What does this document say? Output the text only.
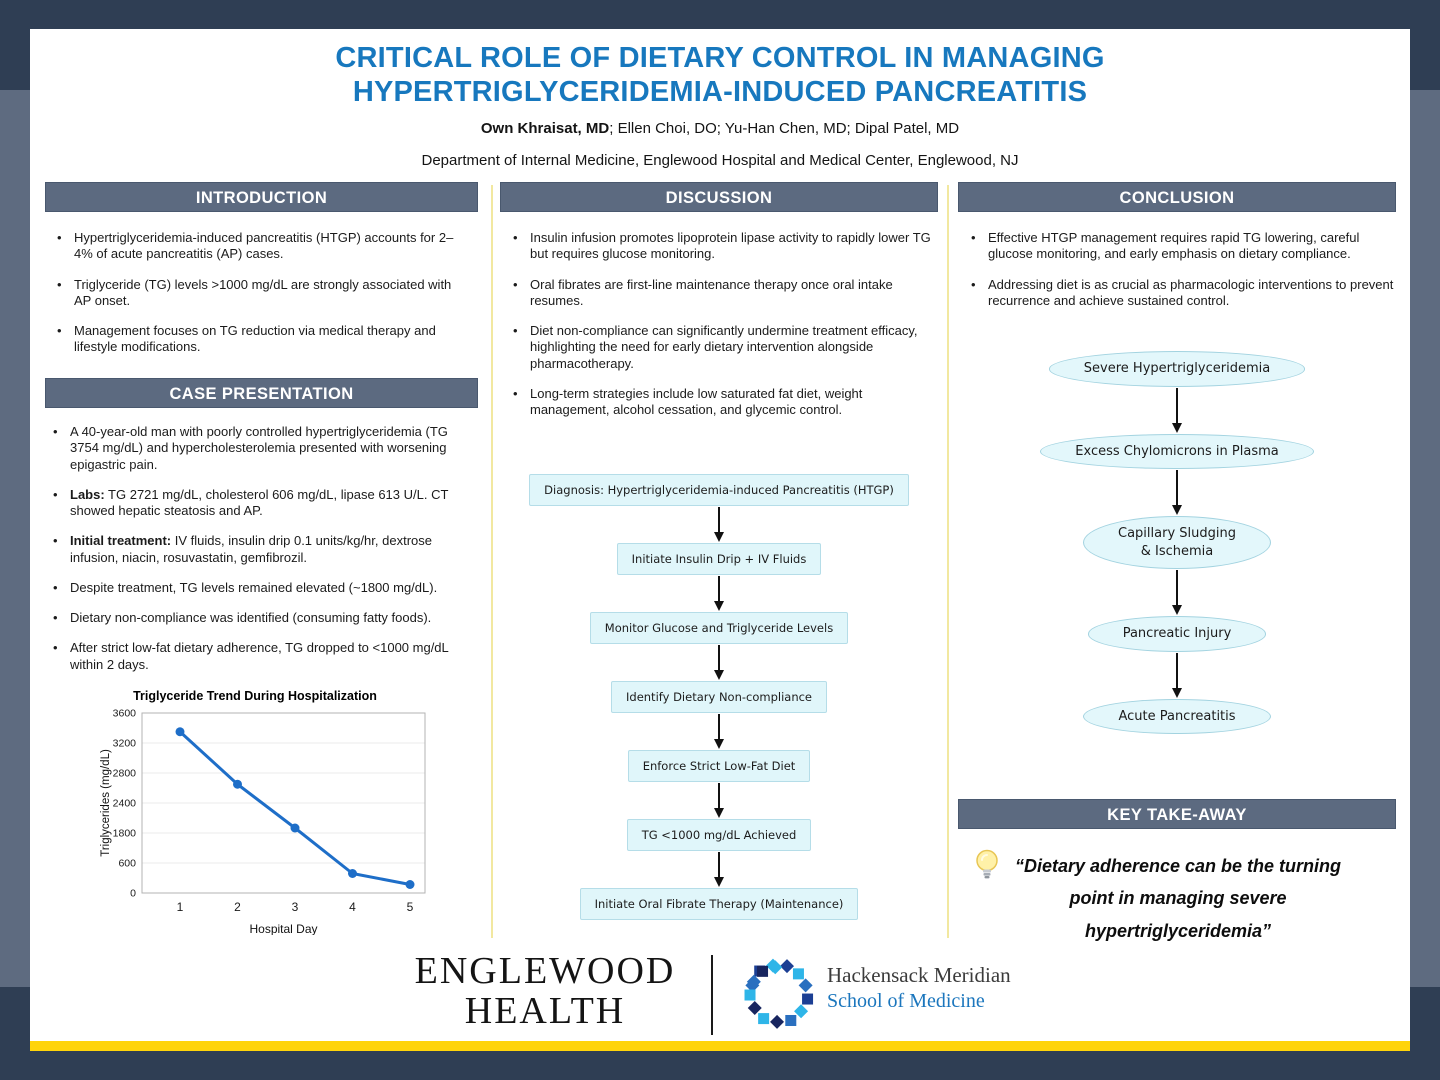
CRITICAL ROLE OF DIETARY CONTROL IN MANAGING
HYPERTRIGLYCERIDEMIA-INDUCED PANCREATITIS
Own Khraisat, MD; Ellen Choi, DO; Yu-Han Chen, MD; Dipal Patel, MD
Department of Internal Medicine, Englewood Hospital and Medical Center, Englewood, NJ
INTRODUCTION
• Hypertriglyceridemia-induced pancreatitis (HTGP) accounts for 2–4% of acute pancreatitis (AP) cases.
• Triglyceride (TG) levels >1000 mg/dL are strongly associated with AP onset.
• Management focuses on TG reduction via medical therapy and lifestyle modifications.
CASE PRESENTATION
• A 40-year-old man with poorly controlled hypertriglyceridemia (TG 3754 mg/dL) and hypercholesterolemia presented with worsening epigastric pain.
• Labs: TG 2721 mg/dL, cholesterol 606 mg/dL, lipase 613 U/L. CT showed hepatic steatosis and AP.
• Initial treatment: IV fluids, insulin drip 0.1 units/kg/hr, dextrose infusion, niacin, rosuvastatin, gemfibrozil.
• Despite treatment, TG levels remained elevated (~1800 mg/dL).
• Dietary non-compliance was identified (consuming fatty foods).
• After strict low-fat dietary adherence, TG dropped to <1000 mg/dL within 2 days.
Triglyceride Trend During Hospitalization
0
600
1800
2400
2800
3200
3600
1	2	3	4	5
Triglycerides (mg/dL)
Hospital Day
DISCUSSION
• Insulin infusion promotes lipoprotein lipase activity to rapidly lower TG but requires glucose monitoring.
• Oral fibrates are first-line maintenance therapy once oral intake resumes.
• Diet non-compliance can significantly undermine treatment efficacy, highlighting the need for early dietary intervention alongside pharmacotherapy.
• Long-term strategies include low saturated fat diet, weight management, alcohol cessation, and glycemic control.
Diagnosis: Hypertriglyceridemia-induced Pancreatitis (HTGP)
Initiate Insulin Drip + IV Fluids
Monitor Glucose and Triglyceride Levels
Identify Dietary Non-compliance
Enforce Strict Low-Fat Diet
TG <1000 mg/dL Achieved
Initiate Oral Fibrate Therapy (Maintenance)
CONCLUSION
• Effective HTGP management requires rapid TG lowering, careful glucose monitoring, and early emphasis on dietary compliance.
• Addressing diet is as crucial as pharmacologic interventions to prevent recurrence and achieve sustained control.
Severe Hypertriglyceridemia
Excess Chylomicrons in Plasma
Capillary Sludging
& Ischemia
Pancreatic Injury
Acute Pancreatitis
KEY TAKE-AWAY
“Dietary adherence can be the turning
point in managing severe
hypertriglyceridemia”
ENGLEWOOD
HEALTH
Hackensack Meridian
School of Medicine
